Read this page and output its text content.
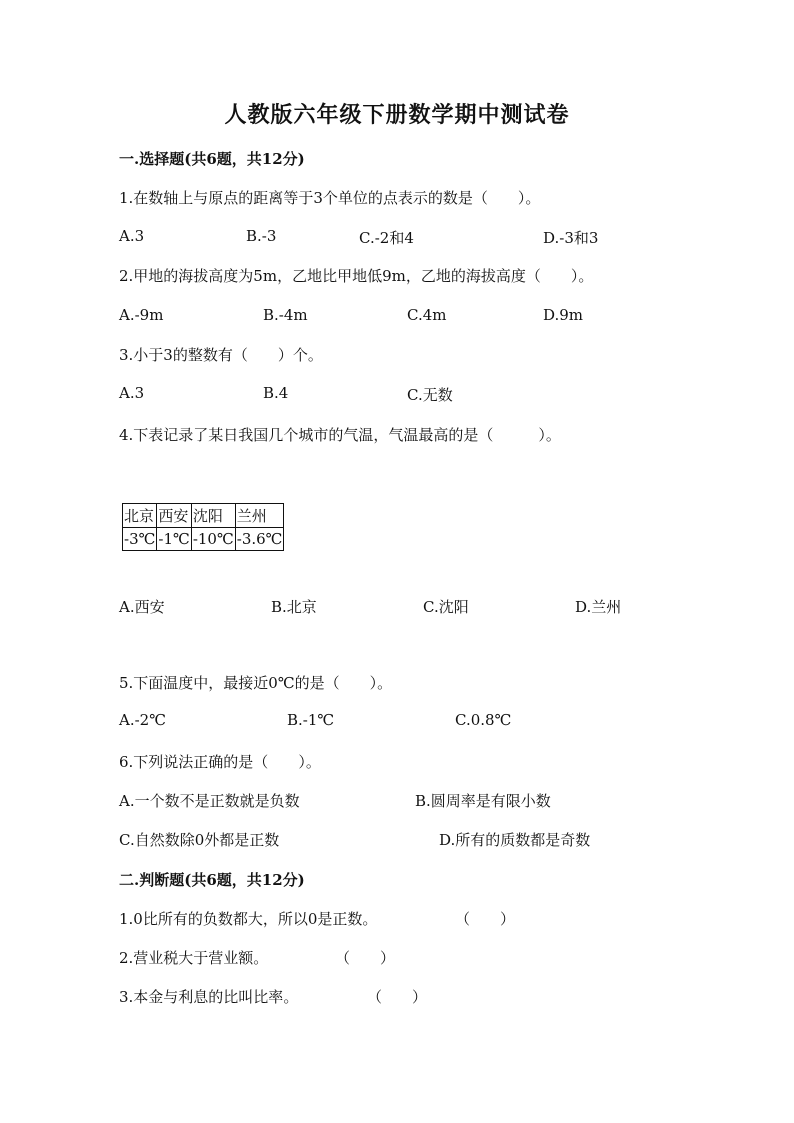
人教版六年级下册数学期中测试卷
一.选择题(共6题，共12分)
1.在数轴上与原点的距离等于3个单位的点表示的数是（　　）。
A.3	B.-3	C.-2和4	D.-3和3
2.甲地的海拔高度为5m，乙地比甲地低9m，乙地的海拔高度（　　）。
A.-9m	B.-4m	C.4m	D.9m
3.小于3的整数有（　　）个。
A.3	B.4	C.无数
4.下表记录了某日我国几个城市的气温，气温最高的是（　　　）。
北京	西安	沈阳	兰州
-3℃	-1℃	-10℃	-3.6℃
A.西安	B.北京	C.沈阳	D.兰州
5.下面温度中，最接近0℃的是（　　）。
A.-2℃	B.-1℃	C.0.8℃
6.下列说法正确的是（　　）。
A.一个数不是正数就是负数	B.圆周率是有限小数
C.自然数除0外都是正数	D.所有的质数都是奇数
二.判断题(共6题，共12分)
1.0比所有的负数都大，所以0是正数。	（　　）
2.营业税大于营业额。	（　　）
3.本金与利息的比叫比率。	（　　）
